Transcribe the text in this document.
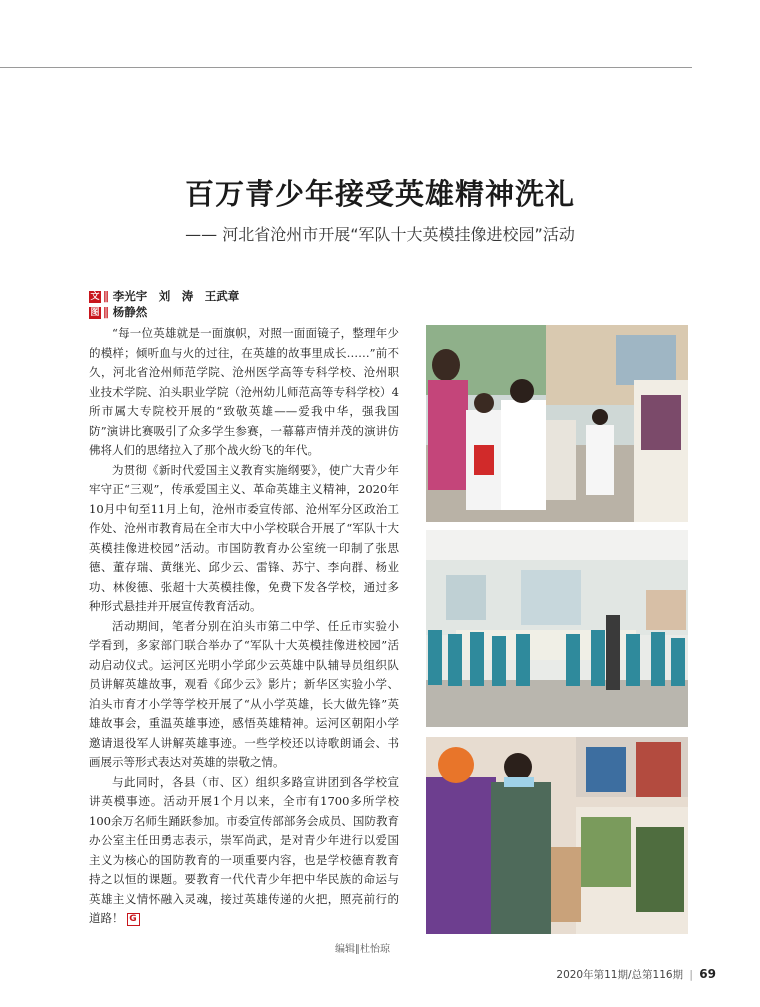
百万青少年接受英雄精神洗礼
—— 河北省沧州市开展“军队十大英模挂像进校园”活动
文 ∥ 李光宇　刘　涛　王武章
图 ∥ 杨静然

“每一位英雄就是一面旗帜，对照一面面镜子，整理年少的模样；倾听血与火的过往，在英雄的故事里成长……”前不久，河北省沧州师范学院、沧州医学高等专科学校、沧州职业技术学院、泊头职业学院（沧州幼儿师范高等专科学校）4所市属大专院校开展的“致敬英雄——爱我中华，强我国防”演讲比赛吸引了众多学生参赛，一幕幕声情并茂的演讲仿佛将人们的思绪拉入了那个战火纷飞的年代。

为贯彻《新时代爱国主义教育实施纲要》，使广大青少年牢守正“三观”，传承爱国主义、革命英雄主义精神，2020年10月中旬至11月上旬，沧州市委宣传部、沧州军分区政治工作处、沧州市教育局在全市大中小学校联合开展了“军队十大英模挂像进校园”活动。市国防教育办公室统一印制了张思德、董存瑞、黄继光、邱少云、雷锋、苏宁、李向群、杨业功、林俊德、张超十大英模挂像，免费下发各学校，通过多种形式悬挂并开展宣传教育活动。

活动期间，笔者分别在泊头市第二中学、任丘市实验小学看到，多家部门联合举办了“军队十大英模挂像进校园”活动启动仪式。运河区光明小学邱少云英雄中队辅导员组织队员讲解英雄故事，观看《邱少云》影片；新华区实验小学、泊头市育才小学等学校开展了“从小学英雄，长大做先锋”英雄故事会，重温英雄事迹，感悟英雄精神。运河区朝阳小学邀请退役军人讲解英雄事迹。一些学校还以诗歌朗诵会、书画展示等形式表达对英雄的崇敬之情。

与此同时，各县（市、区）组织多路宣讲团到各学校宣讲英模事迹。活动开展1个月以来，全市有1700多所学校100余万名师生踊跃参加。市委宣传部部务会成员、国防教育办公室主任田勇志表示，崇军尚武，是对青少年进行以爱国主义为核心的国防教育的一项重要内容，也是学校德育教育持之以恒的课题。要教育一代代青少年把中华民族的命运与英雄主义情怀融入灵魂，接过英雄传递的火把，照亮前行的道路！ G

编辑∥杜怡琼
2020年第11期/总第116期 | 69
